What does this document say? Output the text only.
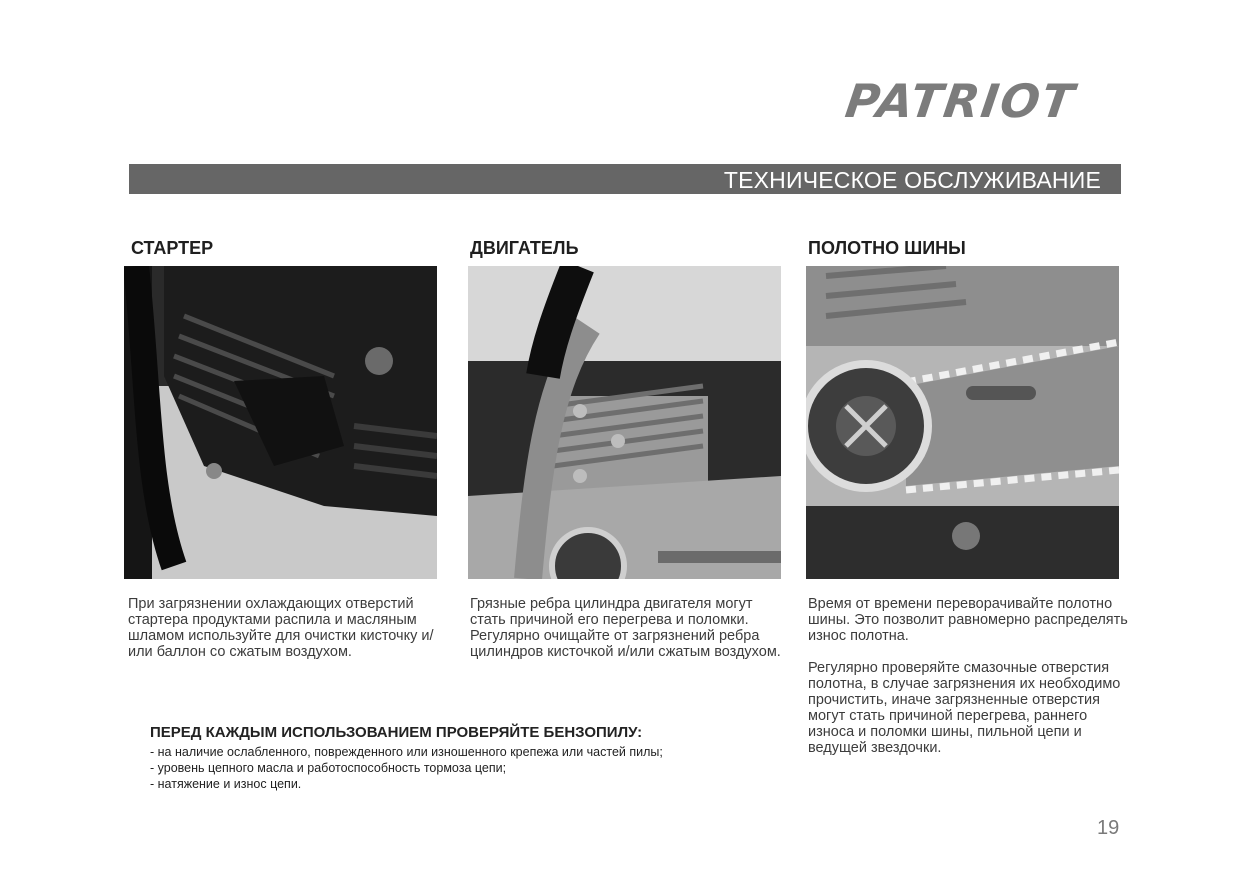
PATRIOT
ТЕХНИЧЕСКОЕ ОБСЛУЖИВАНИЕ
СТАРТЕР

При загрязнении охлаждающих отверстий стартера продуктами распила и масляным шламом используйте для очистки кисточку и/или баллон со сжатым воздухом.

ДВИГАТЕЛЬ

Грязные ребра цилиндра двигателя могут стать причиной его перегрева и поломки. Регулярно очищайте от загрязнений ребра цилиндров кисточкой и/или сжатым воздухом.

ПОЛОТНО ШИНЫ

Время от времени переворачивайте полотно шины. Это позволит равномерно распределять износ полотна.

Регулярно проверяйте смазочные отверстия полотна, в случае загрязнения их необходимо прочистить, иначе загрязненные отверстия могут стать причиной перегрева, раннего износа и поломки шины, пильной цепи и ведущей звездочки.

ПЕРЕД КАЖДЫМ ИСПОЛЬЗОВАНИЕМ ПРОВЕРЯЙТЕ БЕНЗОПИЛУ:
- на наличие ослабленного, поврежденного или изношенного крепежа или частей пилы;
- уровень цепного масла и работоспособность тормоза цепи;
- натяжение и износ цепи.
19
